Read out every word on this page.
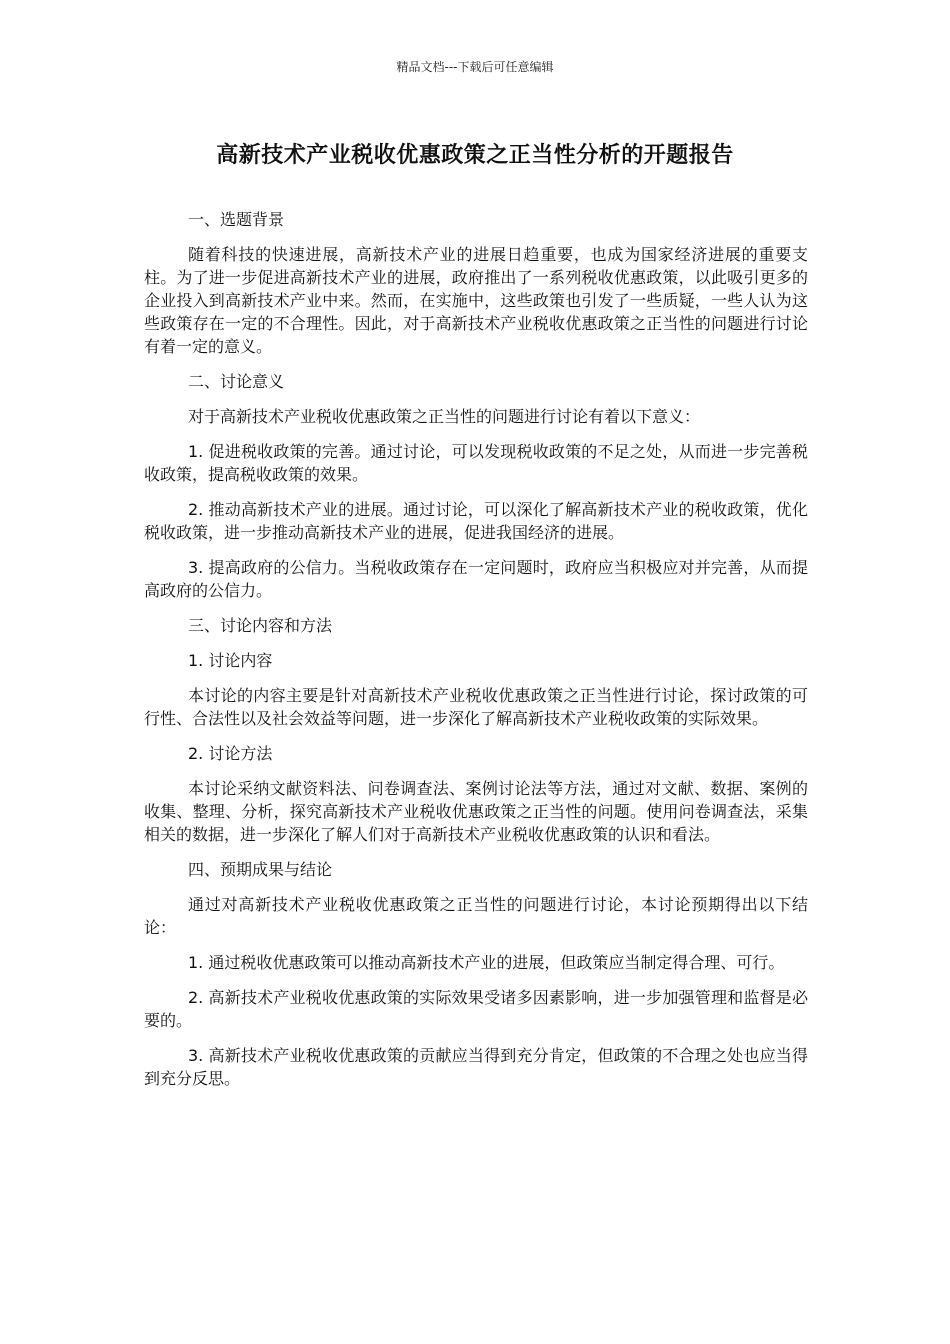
精品文档---下载后可任意编辑
高新技术产业税收优惠政策之正当性分析的开题报告

一、选题背景

随着科技的快速进展，高新技术产业的进展日趋重要，也成为国家经济进展的重要支柱。为了进一步促进高新技术产业的进展，政府推出了一系列税收优惠政策，以此吸引更多的企业投入到高新技术产业中来。然而，在实施中，这些政策也引发了一些质疑，一些人认为这些政策存在一定的不合理性。因此，对于高新技术产业税收优惠政策之正当性的问题进行讨论有着一定的意义。

二、讨论意义

对于高新技术产业税收优惠政策之正当性的问题进行讨论有着以下意义：

1. 促进税收政策的完善。通过讨论，可以发现税收政策的不足之处，从而进一步完善税收政策，提高税收政策的效果。

2. 推动高新技术产业的进展。通过讨论，可以深化了解高新技术产业的税收政策，优化税收政策，进一步推动高新技术产业的进展，促进我国经济的进展。

3. 提高政府的公信力。当税收政策存在一定问题时，政府应当积极应对并完善，从而提高政府的公信力。

三、讨论内容和方法

1. 讨论内容

本讨论的内容主要是针对高新技术产业税收优惠政策之正当性进行讨论，探讨政策的可行性、合法性以及社会效益等问题，进一步深化了解高新技术产业税收政策的实际效果。

2. 讨论方法

本讨论采纳文献资料法、问卷调查法、案例讨论法等方法，通过对文献、数据、案例的收集、整理、分析，探究高新技术产业税收优惠政策之正当性的问题。使用问卷调查法，采集相关的数据，进一步深化了解人们对于高新技术产业税收优惠政策的认识和看法。

四、预期成果与结论

通过对高新技术产业税收优惠政策之正当性的问题进行讨论，本讨论预期得出以下结论：

1. 通过税收优惠政策可以推动高新技术产业的进展，但政策应当制定得合理、可行。

2. 高新技术产业税收优惠政策的实际效果受诸多因素影响，进一步加强管理和监督是必要的。

3. 高新技术产业税收优惠政策的贡献应当得到充分肯定，但政策的不合理之处也应当得到充分反思。
